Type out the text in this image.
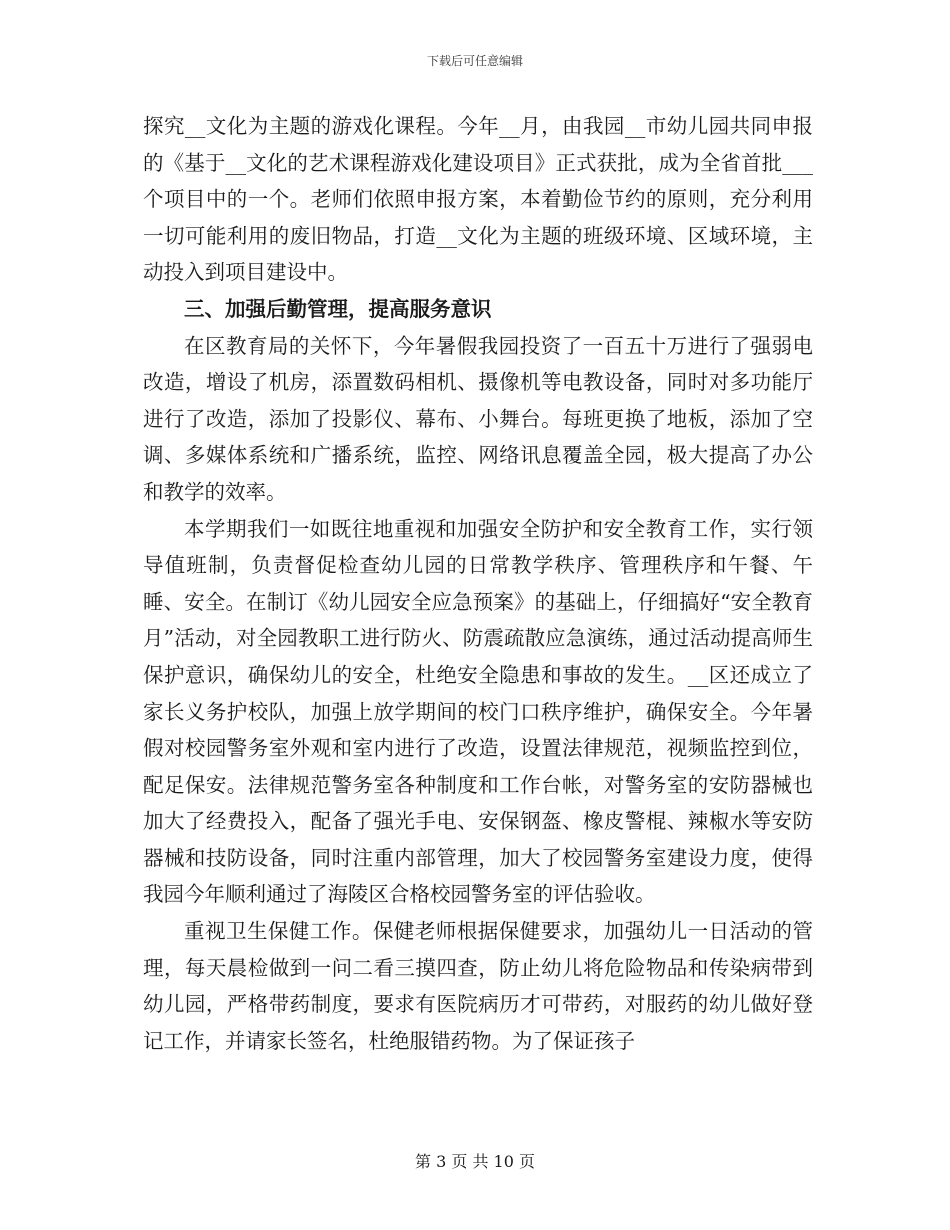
下载后可任意编辑

探究__文化为主题的游戏化课程。今年__月，由我园__市幼儿园共同申报的《基于__文化的艺术课程游戏化建设项目》正式获批，成为全省首批___个项目中的一个。老师们依照申报方案，本着勤俭节约的原则，充分利用一切可能利用的废旧物品，打造__文化为主题的班级环境、区域环境，主动投入到项目建设中。

三、加强后勤管理，提高服务意识

在区教育局的关怀下，今年暑假我园投资了一百五十万进行了强弱电改造，增设了机房，添置数码相机、摄像机等电教设备，同时对多功能厅进行了改造，添加了投影仪、幕布、小舞台。每班更换了地板，添加了空调、多媒体系统和广播系统，监控、网络讯息覆盖全园，极大提高了办公和教学的效率。

本学期我们一如既往地重视和加强安全防护和安全教育工作，实行领导值班制，负责督促检查幼儿园的日常教学秩序、管理秩序和午餐、午睡、安全。在制订《幼儿园安全应急预案》的基础上，仔细搞好“安全教育月”活动，对全园教职工进行防火、防震疏散应急演练，通过活动提高师生保护意识，确保幼儿的安全，杜绝安全隐患和事故的发生。__区还成立了家长义务护校队，加强上放学期间的校门口秩序维护，确保安全。今年暑假对校园警务室外观和室内进行了改造，设置法律规范，视频监控到位，配足保安。法律规范警务室各种制度和工作台帐，对警务室的安防器械也加大了经费投入，配备了强光手电、安保钢盔、橡皮警棍、辣椒水等安防器械和技防设备，同时注重内部管理，加大了校园警务室建设力度，使得我园今年顺利通过了海陵区合格校园警务室的评估验收。

重视卫生保健工作。保健老师根据保健要求，加强幼儿一日活动的管理，每天晨检做到一问二看三摸四查，防止幼儿将危险物品和传染病带到幼儿园，严格带药制度，要求有医院病历才可带药，对服药的幼儿做好登记工作，并请家长签名，杜绝服错药物。为了保证孩子

第 3 页 共 10 页
